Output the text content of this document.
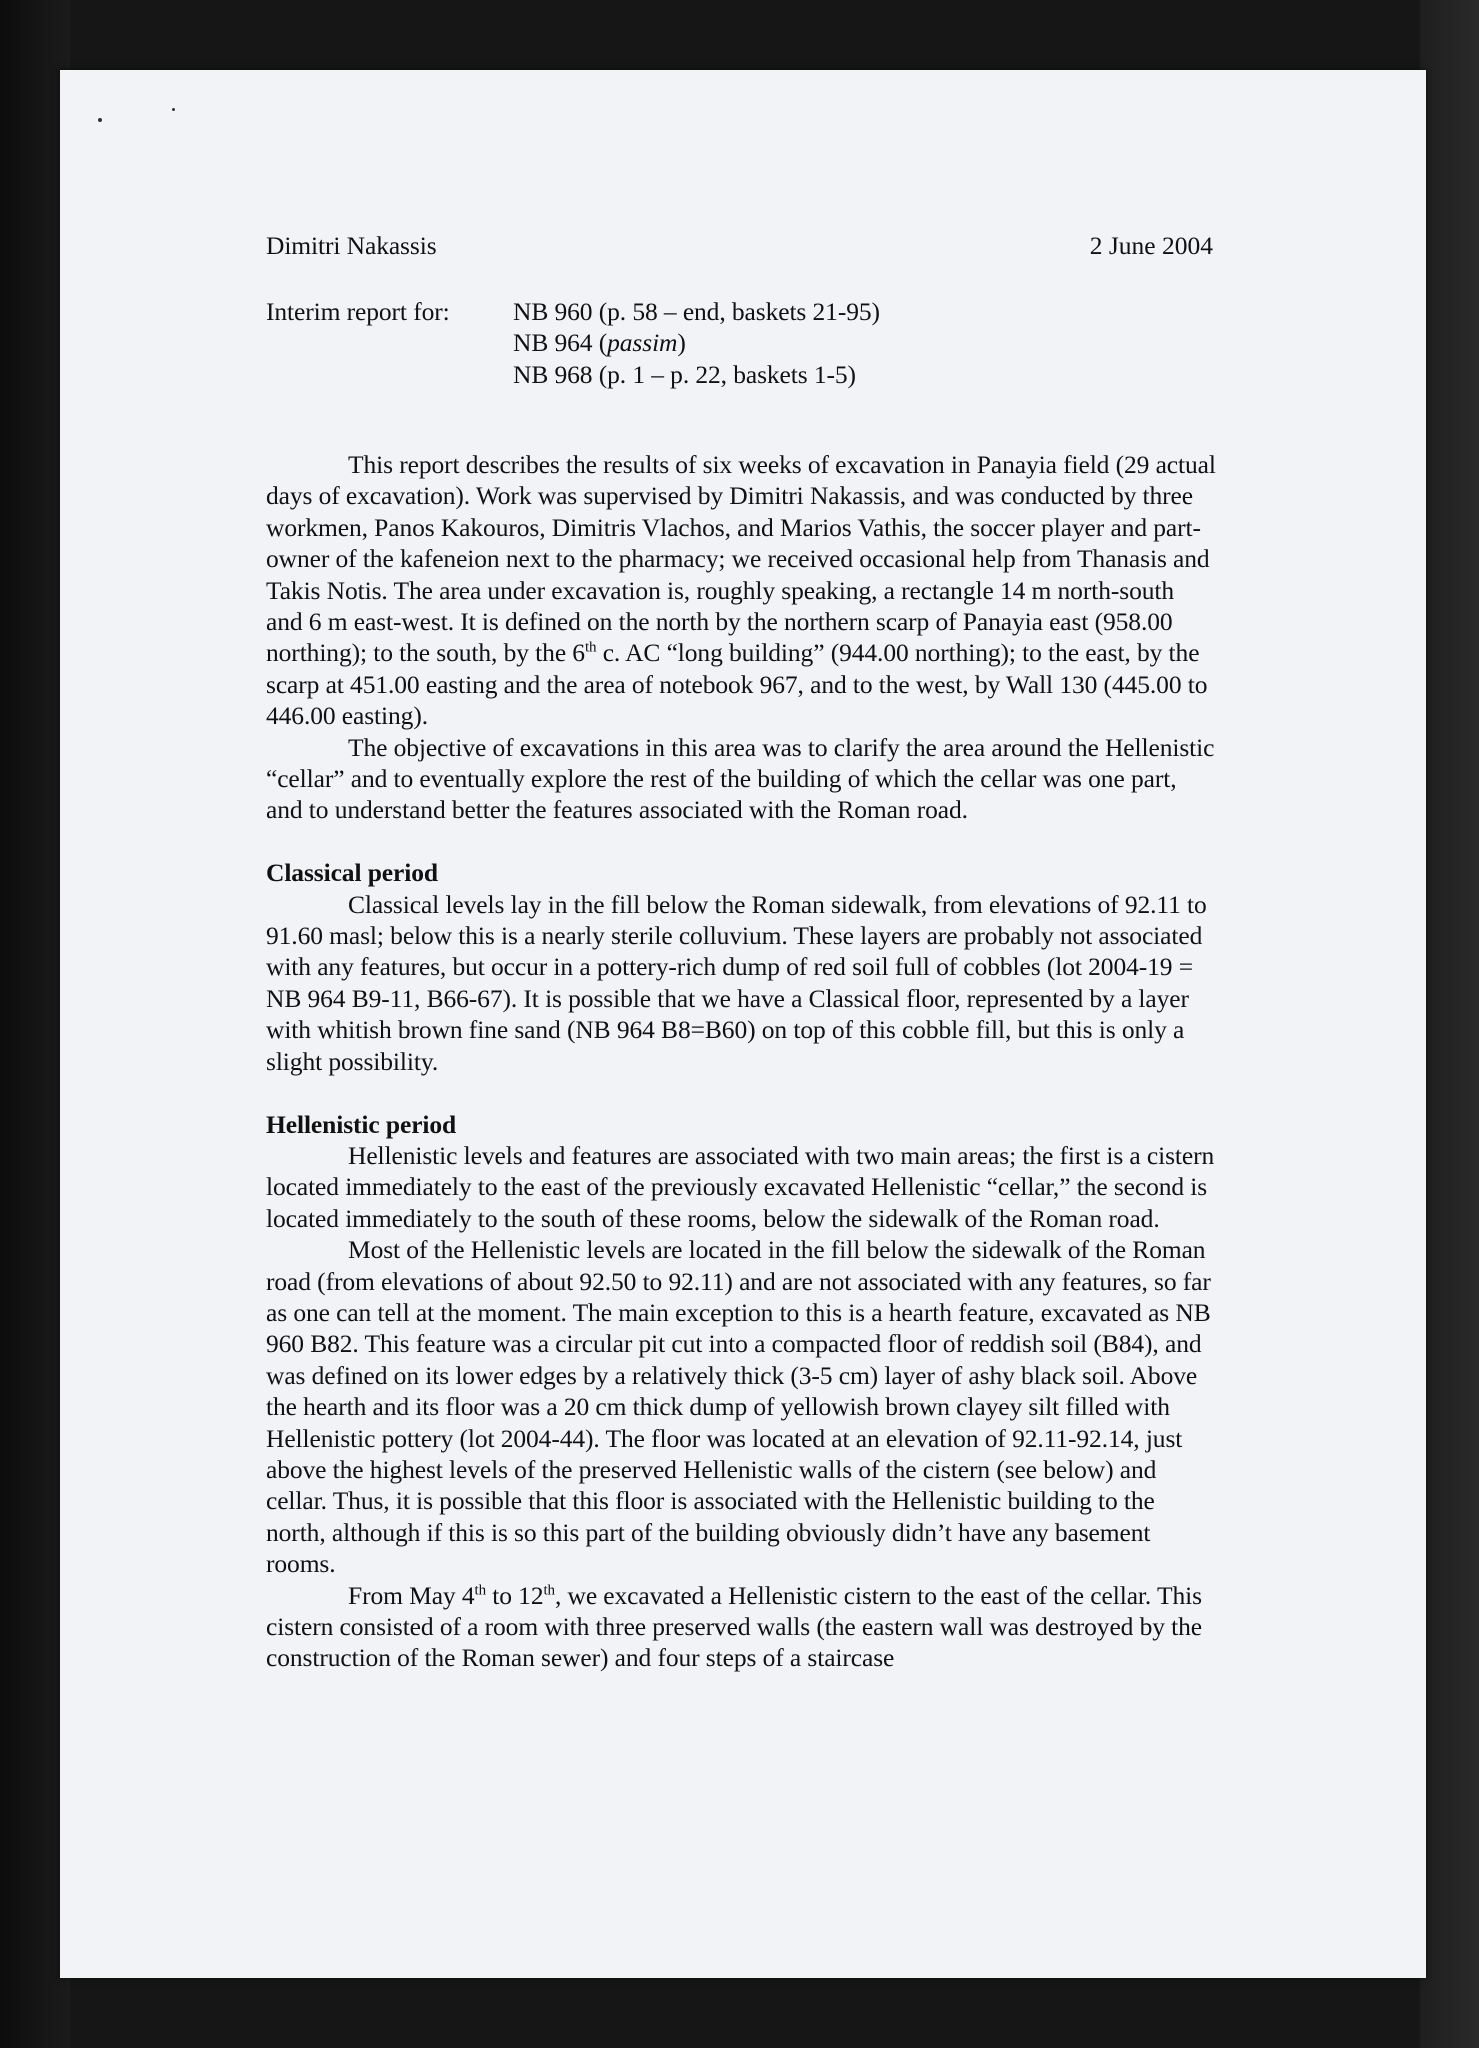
Dimitri Nakassis	2 June 2004
Interim report for: NB 960 (p. 58 – end, baskets 21-95)
NB 964 (passim)
NB 968 (p. 1 – p. 22, baskets 1-5)

This report describes the results of six weeks of excavation in Panayia field (29 actual days of excavation). Work was supervised by Dimitri Nakassis, and was conducted by three workmen, Panos Kakouros, Dimitris Vlachos, and Marios Vathis, the soccer player and part-owner of the kafeneion next to the pharmacy; we received occasional help from Thanasis and Takis Notis. The area under excavation is, roughly speaking, a rectangle 14 m north-south and 6 m east-west. It is defined on the north by the northern scarp of Panayia east (958.00 northing); to the south, by the 6th c. AC “long building” (944.00 northing); to the east, by the scarp at 451.00 easting and the area of notebook 967, and to the west, by Wall 130 (445.00 to 446.00 easting).

The objective of excavations in this area was to clarify the area around the Hellenistic “cellar” and to eventually explore the rest of the building of which the cellar was one part, and to understand better the features associated with the Roman road.

Classical period

Classical levels lay in the fill below the Roman sidewalk, from elevations of 92.11 to 91.60 masl; below this is a nearly sterile colluvium. These layers are probably not associated with any features, but occur in a pottery-rich dump of red soil full of cobbles (lot 2004-19 = NB 964 B9-11, B66-67). It is possible that we have a Classical floor, represented by a layer with whitish brown fine sand (NB 964 B8=B60) on top of this cobble fill, but this is only a slight possibility.

Hellenistic period

Hellenistic levels and features are associated with two main areas; the first is a cistern located immediately to the east of the previously excavated Hellenistic “cellar,” the second is located immediately to the south of these rooms, below the sidewalk of the Roman road.

Most of the Hellenistic levels are located in the fill below the sidewalk of the Roman road (from elevations of about 92.50 to 92.11) and are not associated with any features, so far as one can tell at the moment. The main exception to this is a hearth feature, excavated as NB 960 B82. This feature was a circular pit cut into a compacted floor of reddish soil (B84), and was defined on its lower edges by a relatively thick (3-5 cm) layer of ashy black soil. Above the hearth and its floor was a 20 cm thick dump of yellowish brown clayey silt filled with Hellenistic pottery (lot 2004-44). The floor was located at an elevation of 92.11-92.14, just above the highest levels of the preserved Hellenistic walls of the cistern (see below) and cellar. Thus, it is possible that this floor is associated with the Hellenistic building to the north, although if this is so this part of the building obviously didn’t have any basement rooms.

From May 4th to 12th, we excavated a Hellenistic cistern to the east of the cellar. This cistern consisted of a room with three preserved walls (the eastern wall was destroyed by the construction of the Roman sewer) and four steps of a staircase
